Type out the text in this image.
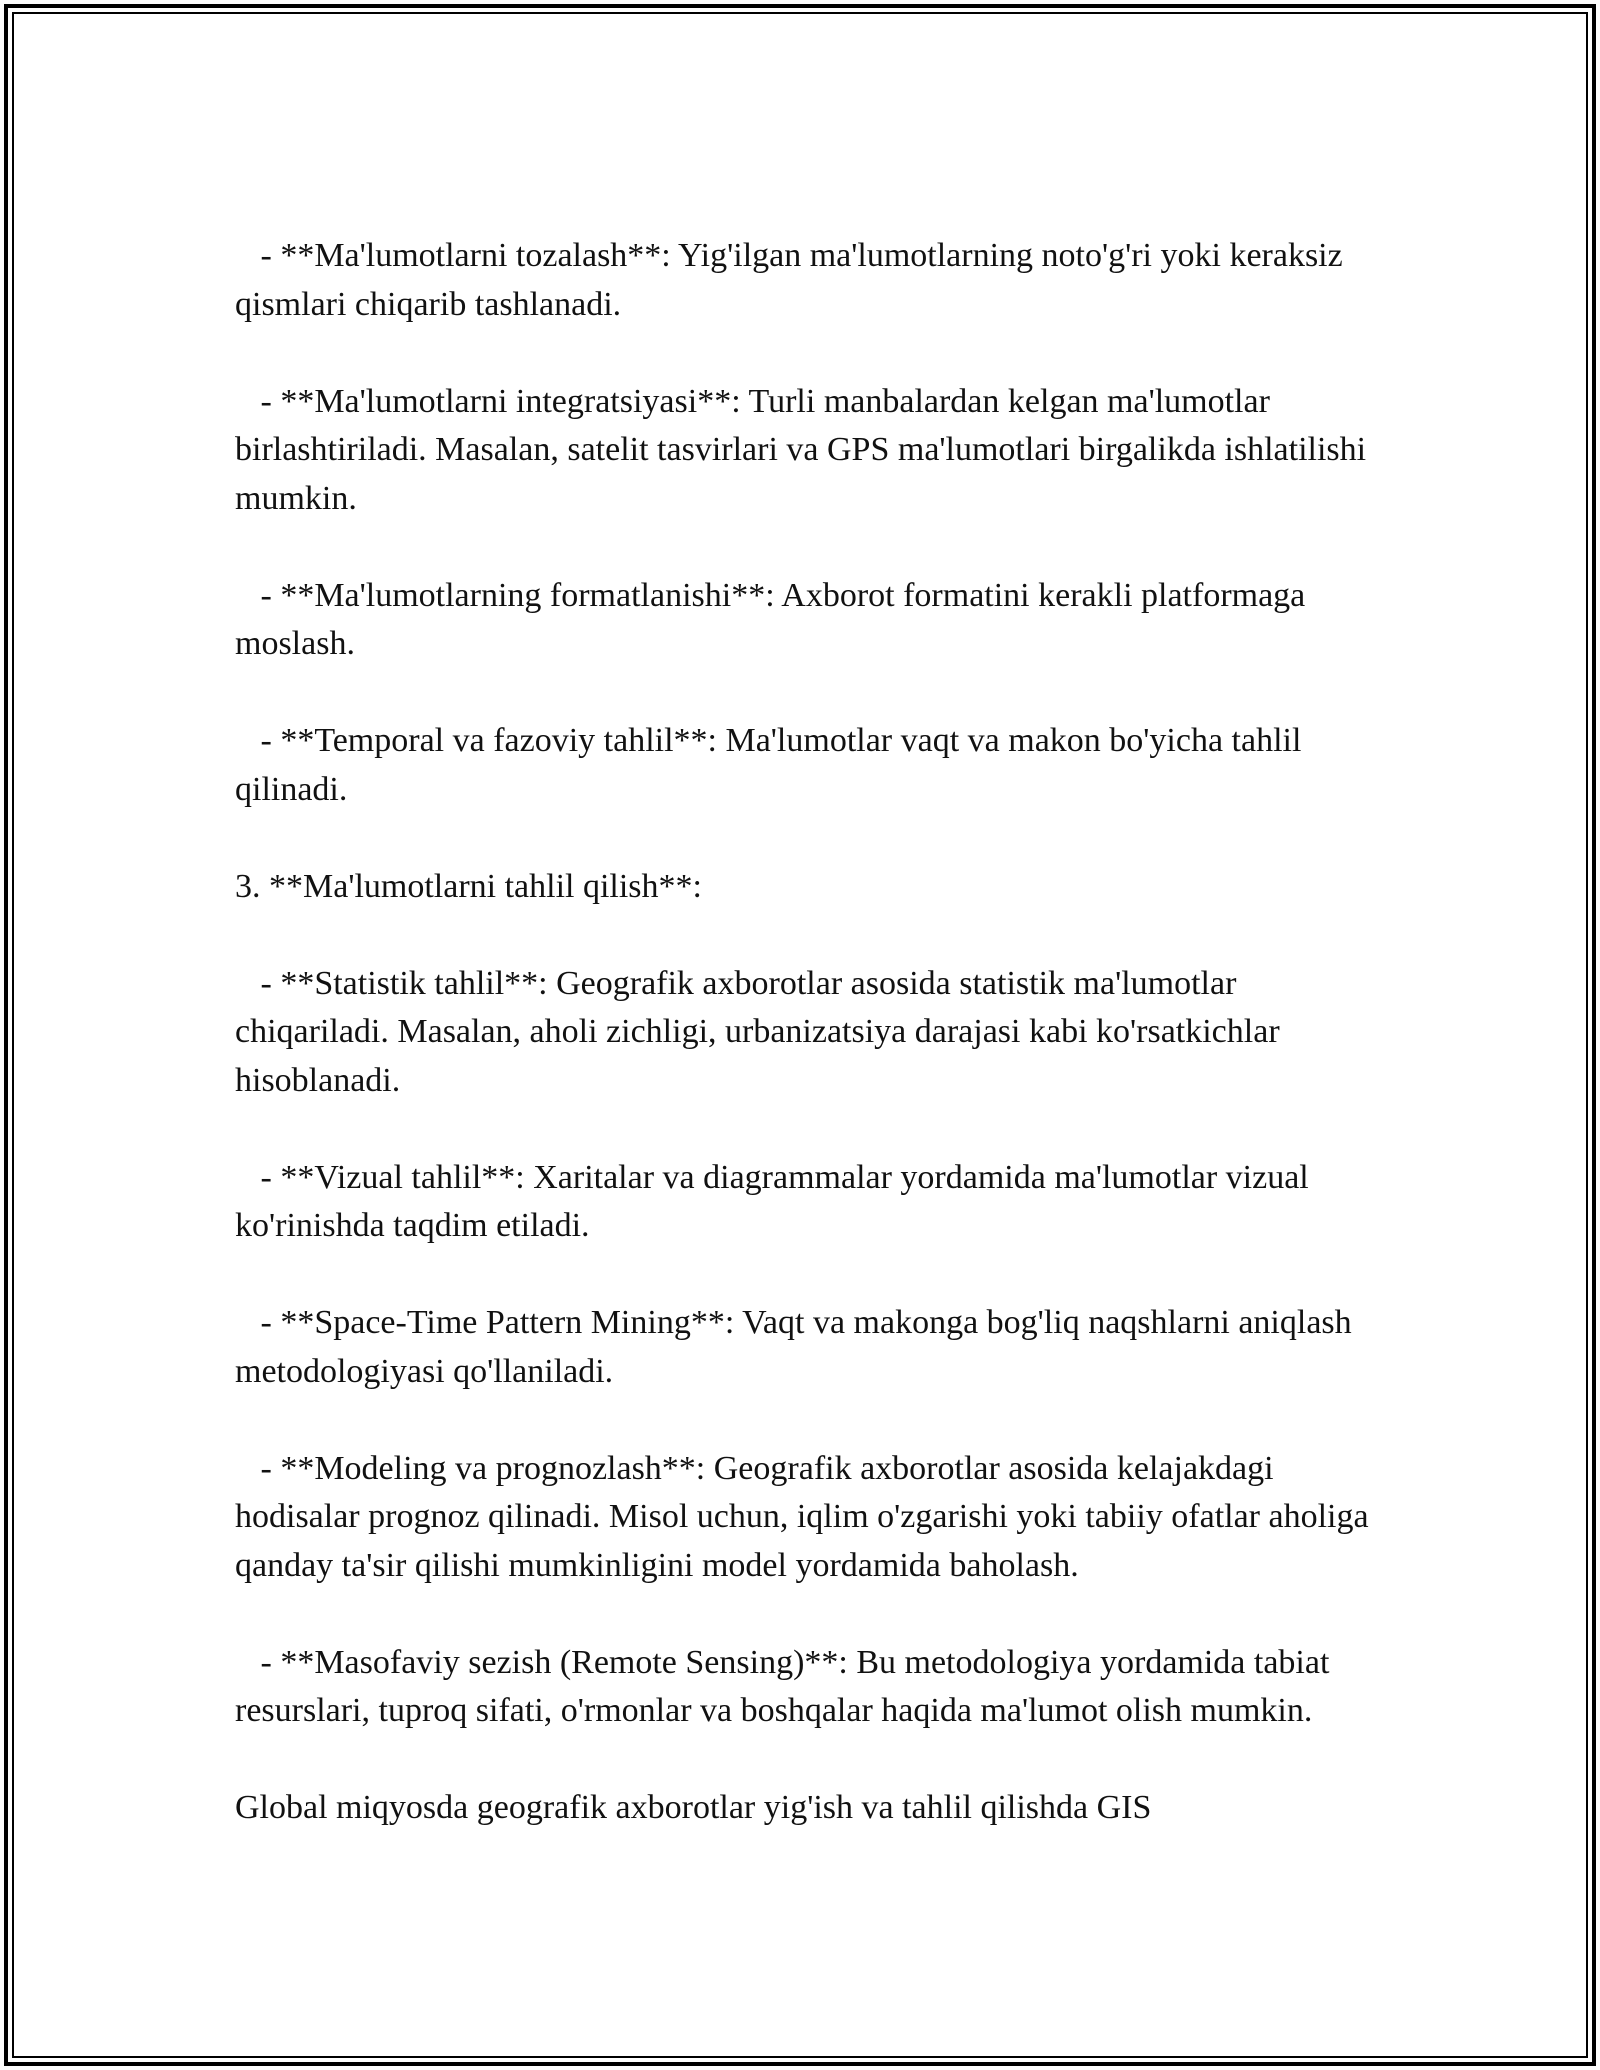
- **Ma'lumotlarni tozalash**: Yig'ilgan ma'lumotlarning noto'g'ri yoki keraksiz qismlari chiqarib tashlanadi.

- **Ma'lumotlarni integratsiyasi**: Turli manbalardan kelgan ma'lumotlar birlashtiriladi. Masalan, satelit tasvirlari va GPS ma'lumotlari birgalikda ishlatilishi mumkin.

- **Ma'lumotlarning formatlanishi**: Axborot formatini kerakli platformaga moslash.

- **Temporal va fazoviy tahlil**: Ma'lumotlar vaqt va makon bo'yicha tahlil qilinadi.

3. **Ma'lumotlarni tahlil qilish**:

- **Statistik tahlil**: Geografik axborotlar asosida statistik ma'lumotlar chiqariladi. Masalan, aholi zichligi, urbanizatsiya darajasi kabi ko'rsatkichlar hisoblanadi.

- **Vizual tahlil**: Xaritalar va diagrammalar yordamida ma'lumotlar vizual ko'rinishda taqdim etiladi.

- **Space-Time Pattern Mining**: Vaqt va makonga bog'liq naqshlarni aniqlash metodologiyasi qo'llaniladi.

- **Modeling va prognozlash**: Geografik axborotlar asosida kelajakdagi hodisalar prognoz qilinadi. Misol uchun, iqlim o'zgarishi yoki tabiiy ofatlar aholiga qanday ta'sir qilishi mumkinligini model yordamida baholash.

- **Masofaviy sezish (Remote Sensing)**: Bu metodologiya yordamida tabiat resurslari, tuproq sifati, o'rmonlar va boshqalar haqida ma'lumot olish mumkin.

Global miqyosda geografik axborotlar yig'ish va tahlil qilishda GIS
